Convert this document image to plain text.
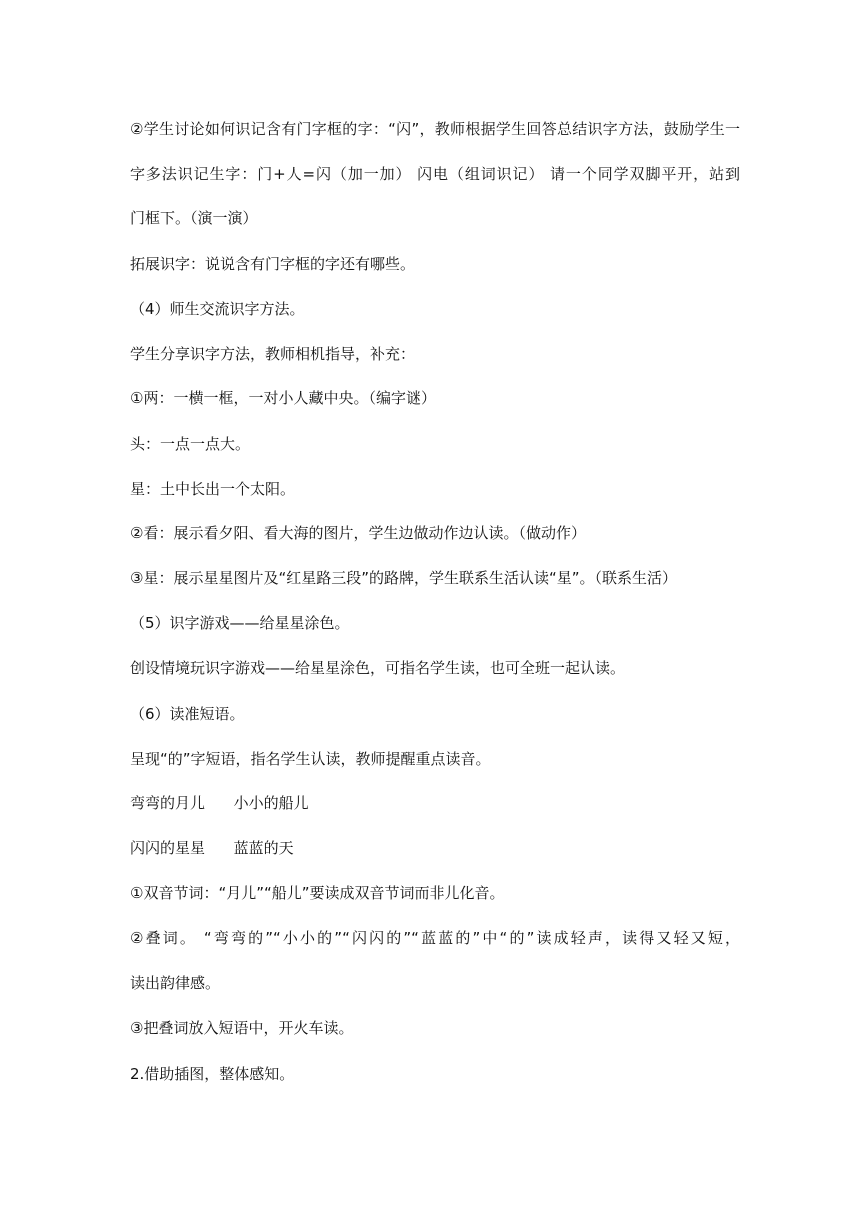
②学生讨论如何识记含有门字框的字：“闪”，教师根据学生回答总结识字方法，鼓励学生一
字多法识记生字：门+人=闪（加一加） 闪电（组词识记） 请一个同学双脚平开，站到
门框下。（演一演）
拓展识字：说说含有门字框的字还有哪些。
（4）师生交流识字方法。
学生分享识字方法，教师相机指导，补充：
①两：一横一框，一对小人藏中央。（编字谜）
头：一点一点大。
星：土中长出一个太阳。
②看：展示看夕阳、看大海的图片，学生边做动作边认读。（做动作）
③星：展示星星图片及“红星路三段”的路牌，学生联系生活认读“星”。（联系生活）
（5）识字游戏——给星星涂色。
创设情境玩识字游戏——给星星涂色，可指名学生读，也可全班一起认读。
（6）读准短语。
呈现“的”字短语，指名学生认读，教师提醒重点读音。
弯弯的月儿      小小的船儿
闪闪的星星      蓝蓝的天
①双音节词：“月儿”“船儿”要读成双音节词而非儿化音。
②叠词。 “弯弯的”“小小的”“闪闪的”“蓝蓝的”中“的”读成轻声，读得又轻又短，
读出韵律感。
③把叠词放入短语中，开火车读。
2.借助插图，整体感知。
